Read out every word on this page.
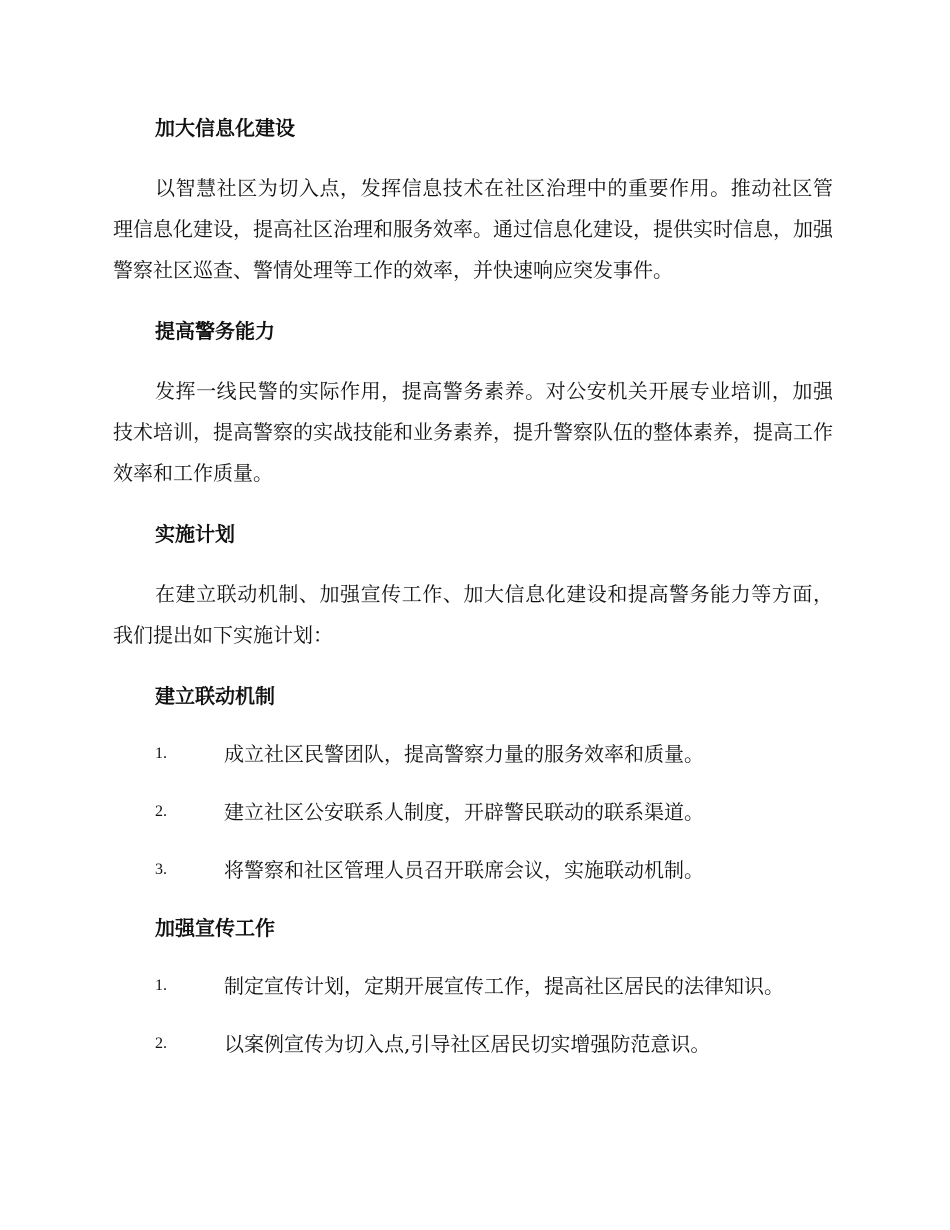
加大信息化建设

以智慧社区为切入点，发挥信息技术在社区治理中的重要作用。推动社区管理信息化建设，提高社区治理和服务效率。通过信息化建设，提供实时信息，加强警察社区巡查、警情处理等工作的效率，并快速响应突发事件。

提高警务能力

发挥一线民警的实际作用，提高警务素养。对公安机关开展专业培训，加强技术培训，提高警察的实战技能和业务素养，提升警察队伍的整体素养，提高工作效率和工作质量。

实施计划

在建立联动机制、加强宣传工作、加大信息化建设和提高警务能力等方面，我们提出如下实施计划：

建立联动机制
1.	成立社区民警团队，提高警察力量的服务效率和质量。
2.	建立社区公安联系人制度，开辟警民联动的联系渠道。
3.	将警察和社区管理人员召开联席会议，实施联动机制。
加强宣传工作
1.	制定宣传计划，定期开展宣传工作，提高社区居民的法律知识。
2.	以案例宣传为切入点,引导社区居民切实增强防范意识。
